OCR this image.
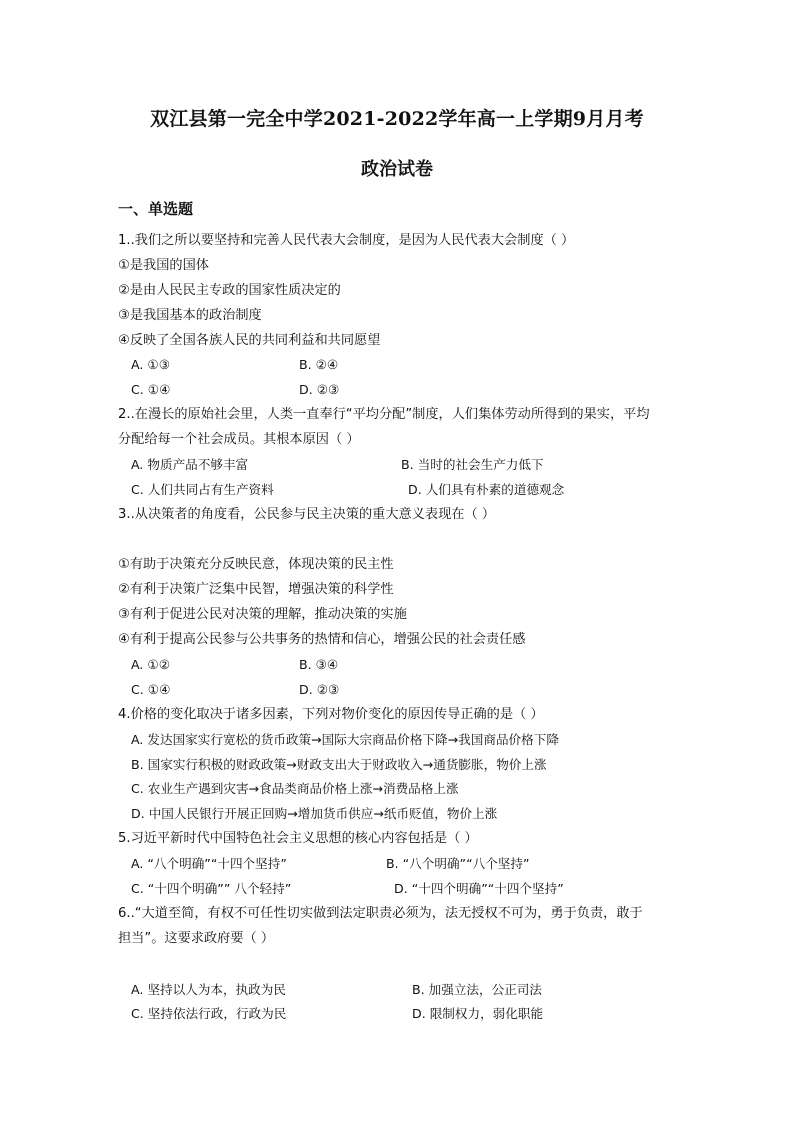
双江县第一完全中学2021-2022学年高一上学期9月月考
政治试卷
一、单选题
1..我们之所以要坚持和完善人民代表大会制度，是因为人民代表大会制度（ ）
①是我国的国体
②是由人民民主专政的国家性质决定的
③是我国基本的政治制度
④反映了全国各族人民的共同利益和共同愿望
A. ①③	B. ②④
C. ①④	D. ②③
2..在漫长的原始社会里，人类一直奉行“平均分配”制度，人们集体劳动所得到的果实，平均
分配给每一个社会成员。其根本原因（ ）
A. 物质产品不够丰富	B. 当时的社会生产力低下
C. 人们共同占有生产资料	D. 人们具有朴素的道德观念
3..从决策者的角度看，公民参与民主决策的重大意义表现在（ ）
①有助于决策充分反映民意，体现决策的民主性
②有利于决策广泛集中民智，增强决策的科学性
③有利于促进公民对决策的理解，推动决策的实施
④有利于提高公民参与公共事务的热情和信心，增强公民的社会责任感
A. ①②	B. ③④
C. ①④	D. ②③
4.价格的变化取决于诸多因素，下列对物价变化的原因传导正确的是（ ）
A. 发达国家实行宽松的货币政策→国际大宗商品价格下降→我国商品价格下降
B. 国家实行积极的财政政策→财政支出大于财政收入→通货膨胀，物价上涨
C. 农业生产遇到灾害→食品类商品价格上涨→消费品格上涨
D. 中国人民银行开展正回购→增加货币供应→纸币贬值，物价上涨
5.习近平新时代中国特色社会主义思想的核心内容包括是（ ）
A. “八个明确”“十四个坚持”	B. “八个明确”“八个坚持”
C. “十四个明确”” 八个轻持”	D. “十四个明确”“十四个坚持”
6..“大道至简，有权不可任性切实做到法定职责必须为，法无授权不可为，勇于负责，敢于
担当”。这要求政府要（ ）
A. 坚持以人为本，执政为民	B. 加强立法，公正司法
C. 坚持依法行政，行政为民	D. 限制权力，弱化职能
